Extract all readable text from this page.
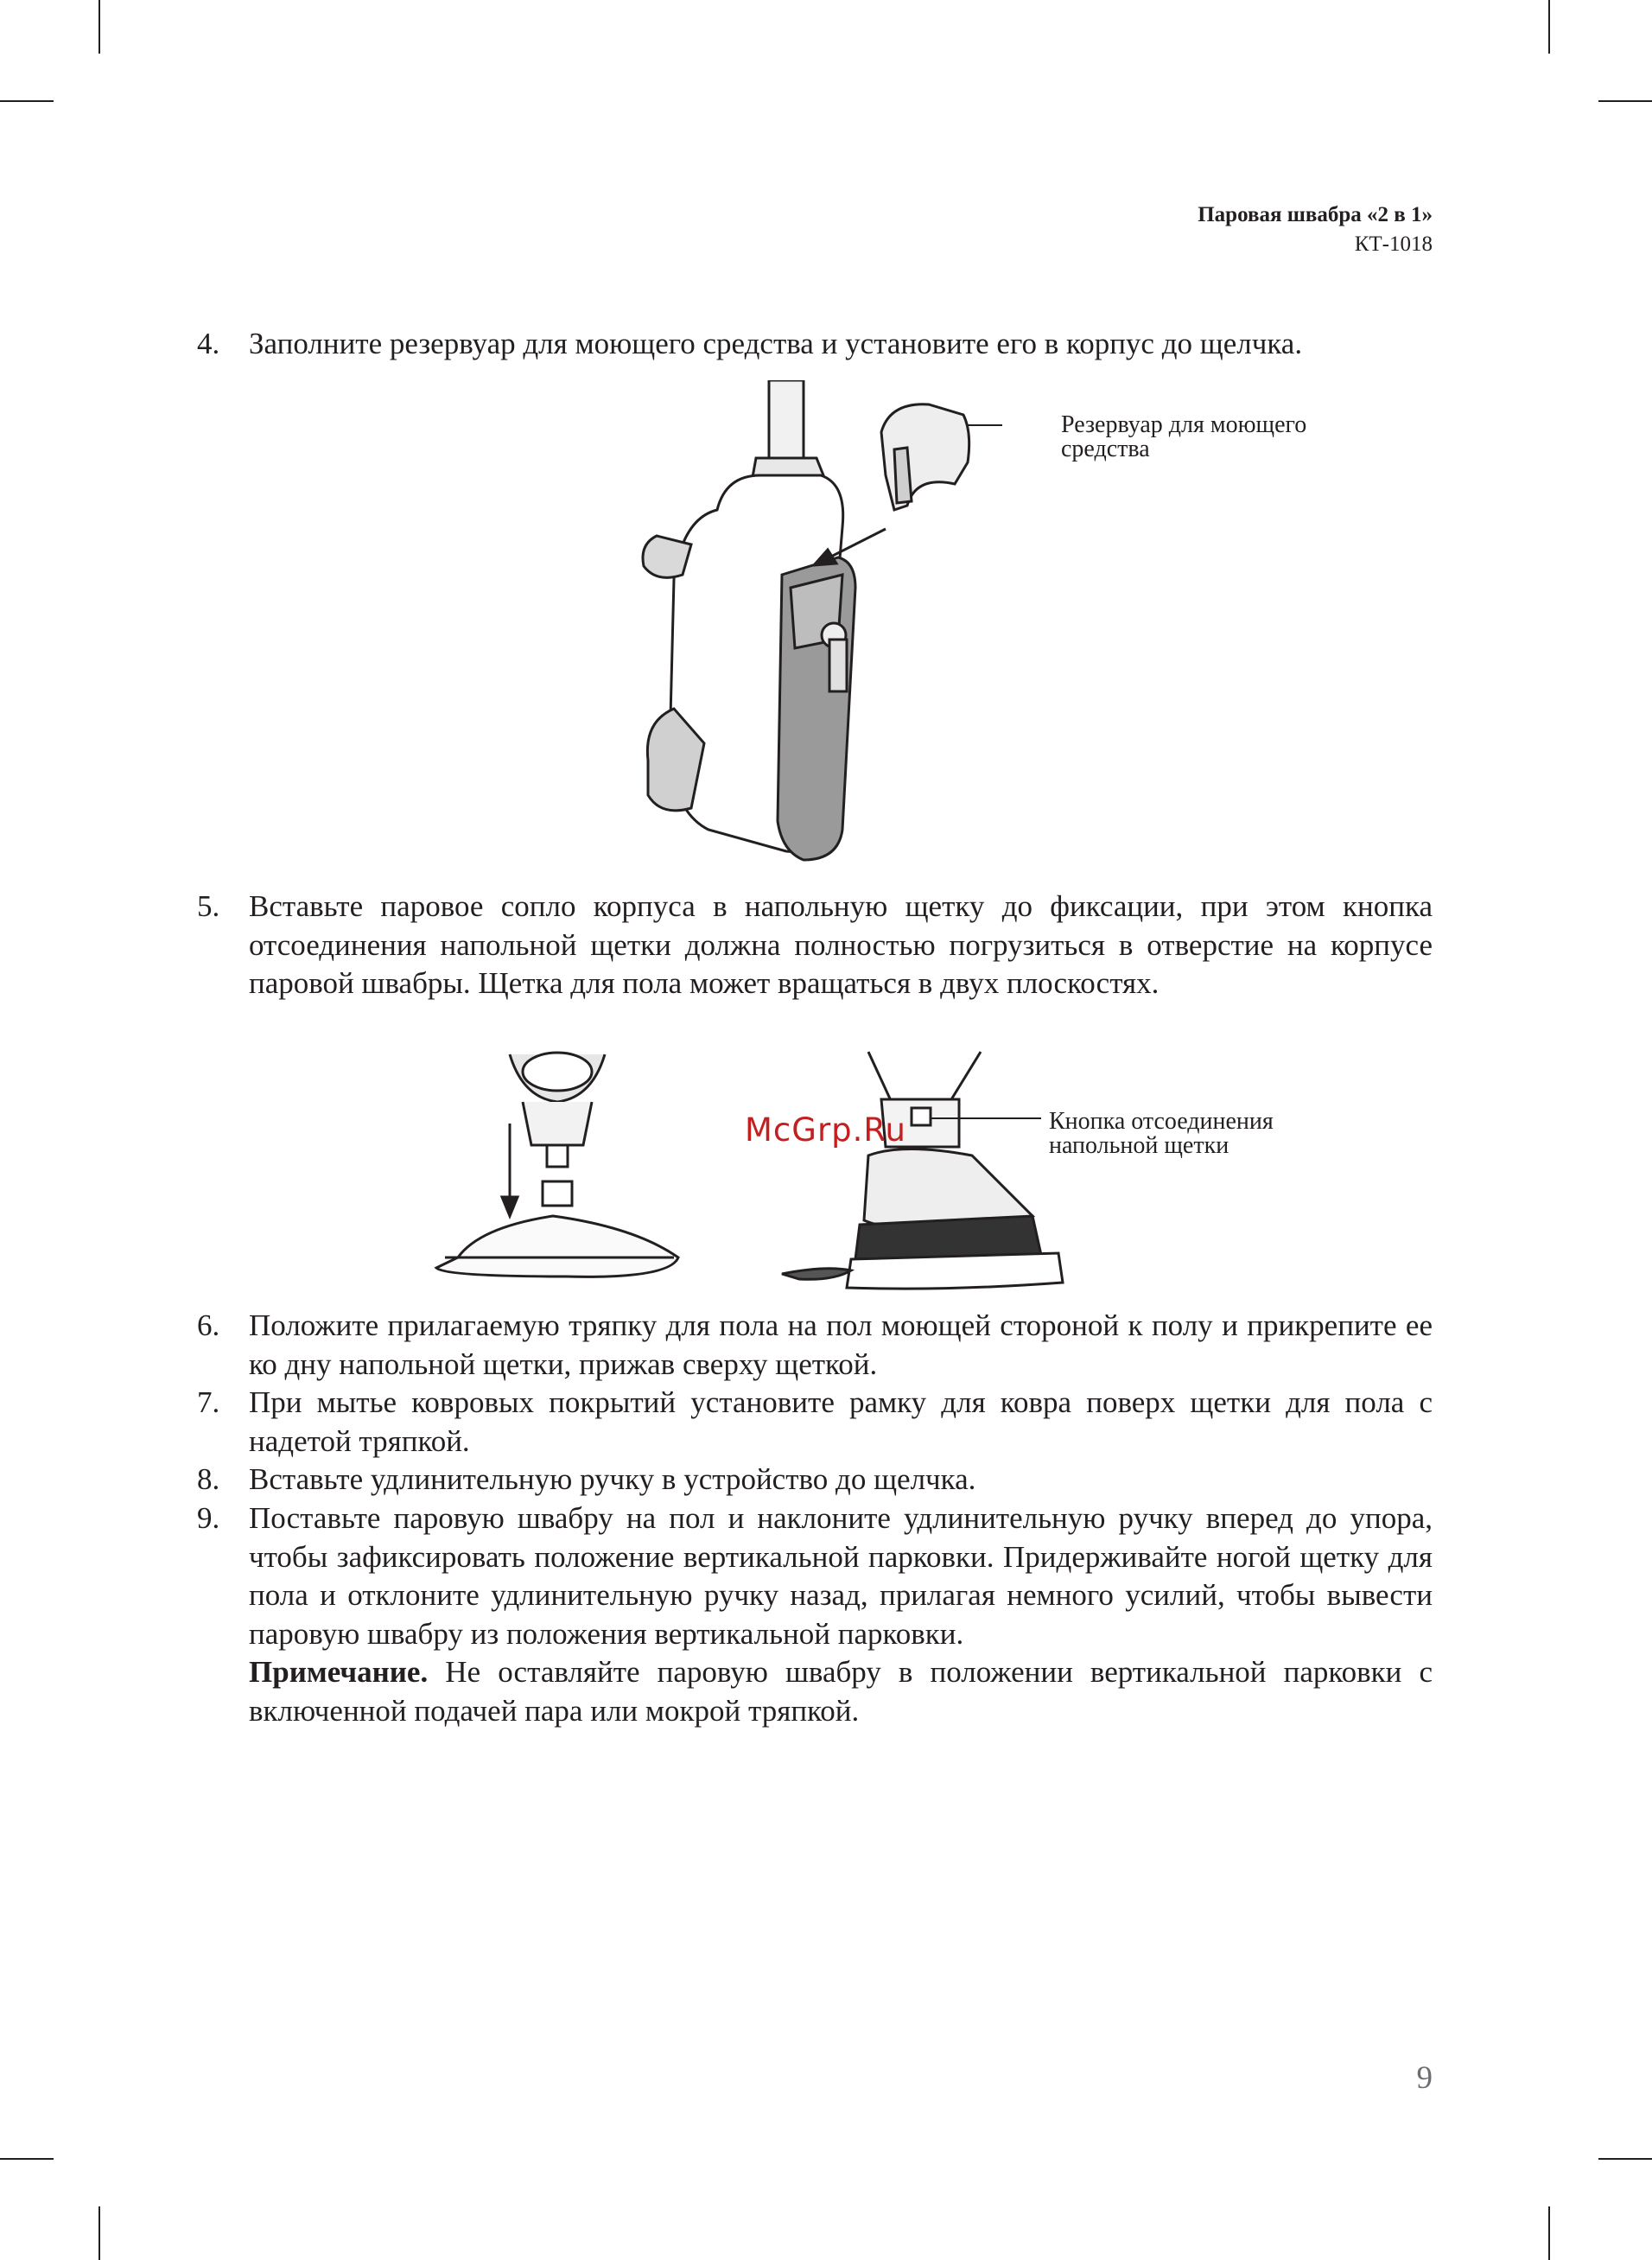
Паровая швабра «2 в 1»
КТ-1018
4. Заполните резервуар для моющего средства и установите его в корпус до щелчка.
Резервуар для моющего
средства
5. Вставьте паровое сопло корпуса в напольную щетку до фиксации, при этом кнопка отсоединения напольной щетки должна полностью погрузиться в отверстие на корпусе паровой швабры. Щетка для пола может вращаться в двух плоскостях.
Кнопка отсоединения
напольной щетки
McGrp.Ru
6. Положите прилагаемую тряпку для пола на пол моющей стороной к полу и прикрепите ее ко дну напольной щетки, прижав сверху щеткой.
7. При мытье ковровых покрытий установите рамку для ковра поверх щетки для пола с надетой тряпкой.
8. Вставьте удлинительную ручку в устройство до щелчка.
9. Поставьте паровую швабру на пол и наклоните удлинительную ручку вперед до упора, чтобы зафиксировать положение вертикальной парковки. Придерживайте ногой щетку для пола и отклоните удлинительную ручку назад, прилагая немного усилий, чтобы вывести паровую швабру из положения вертикальной парковки.
Примечание. Не оставляйте паровую швабру в положении вертикальной парковки с включенной подачей пара или мокрой тряпкой.
9
